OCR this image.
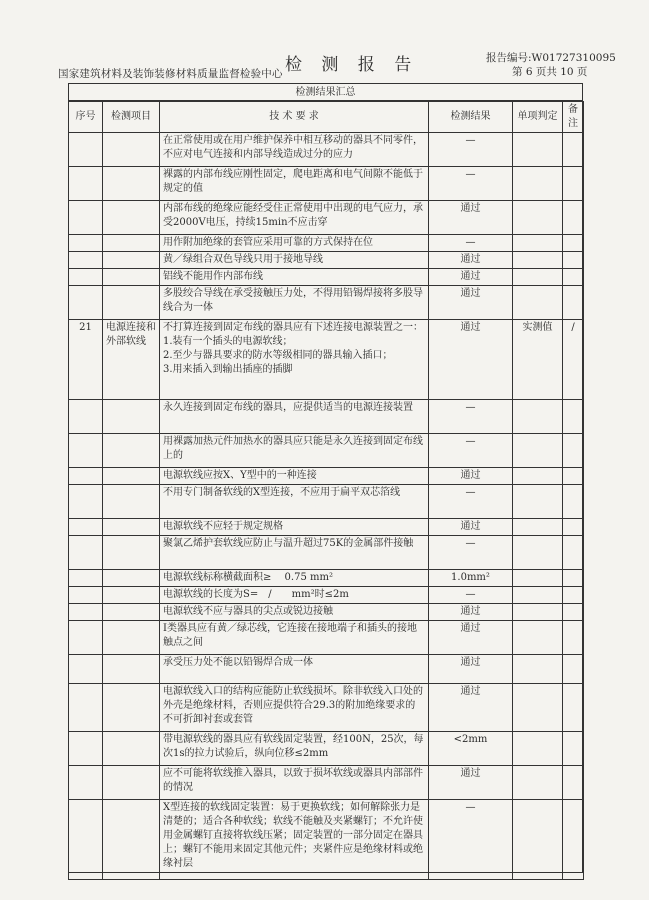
检 测 报 告	报告编号:W01727310095
国家建筑材料及装饰装修材料质量监督检验中心	第 6 页共 10 页
检测结果汇总
序号	检测项目	技 术 要 求	检测结果	单项判定	备注
		在正常使用或在用户维护保养中相互移动的器具不同零件，不应对电气连接和内部导线造成过分的应力	—		
		裸露的内部布线应刚性固定，爬电距离和电气间隙不能低于规定的值	—		
		内部布线的绝缘应能经受住正常使用中出现的电气应力，承受2000V电压，持续15min不应击穿	通过		
		用作附加绝缘的套管应采用可靠的方式保持在位	—		
		黄／绿组合双色导线只用于接地导线	通过		
		铝线不能用作内部布线	通过		
		多股绞合导线在承受接触压力处，不得用铅锡焊接将多股导线合为一体	通过		
21	电源连接和外部软线	不打算连接到固定布线的器具应有下述连接电源装置之一：
1.装有一个插头的电源软线；
2.至少与器具要求的防水等级相同的器具输入插口；
3.用来插入到输出插座的插脚	通过	实测值	/
		永久连接到固定布线的器具，应提供适当的电源连接装置	—		
		用裸露加热元件加热水的器具应只能是永久连接到固定布线上的	—		
		电源软线应按X、Y型中的一种连接	通过		
		不用专门制备软线的X型连接，不应用于扁平双芯箔线	—		
		电源软线不应轻于规定规格	通过		
		聚氯乙烯护套软线应防止与温升超过75K的金属部件接触	—		
		电源软线标称横截面积≥　 0.75 mm²	1.0mm²		
		电源软线的长度为S=　/　　mm²时≤2m	—		
		电源软线不应与器具的尖点或锐边接触	通过		
		Ⅰ类器具应有黄／绿芯线，它连接在接地端子和插头的接地触点之间	通过		
		承受压力处不能以铅锡焊合成一体	通过		
		电源软线入口的结构应能防止软线损坏。除非软线入口处的外壳是绝缘材料，否则应提供符合29.3的附加绝缘要求的不可折卸衬套或套管	通过		
		带电源软线的器具应有软线固定装置，经100N，25次，每次1s的拉力试验后，纵向位移≤2mm	<2mm		
		应不可能将软线推入器具，以致于损坏软线或器具内部部件的情况	通过		
		X型连接的软线固定装置：易于更换软线；如何解除张力是清楚的；适合各种软线；软线不能触及夹紧螺钉；不允许使用金属螺钉直接将软线压紧；固定装置的一部分固定在器具上；螺钉不能用来固定其他元件；夹紧件应是绝缘材料或绝缘衬层	—		
